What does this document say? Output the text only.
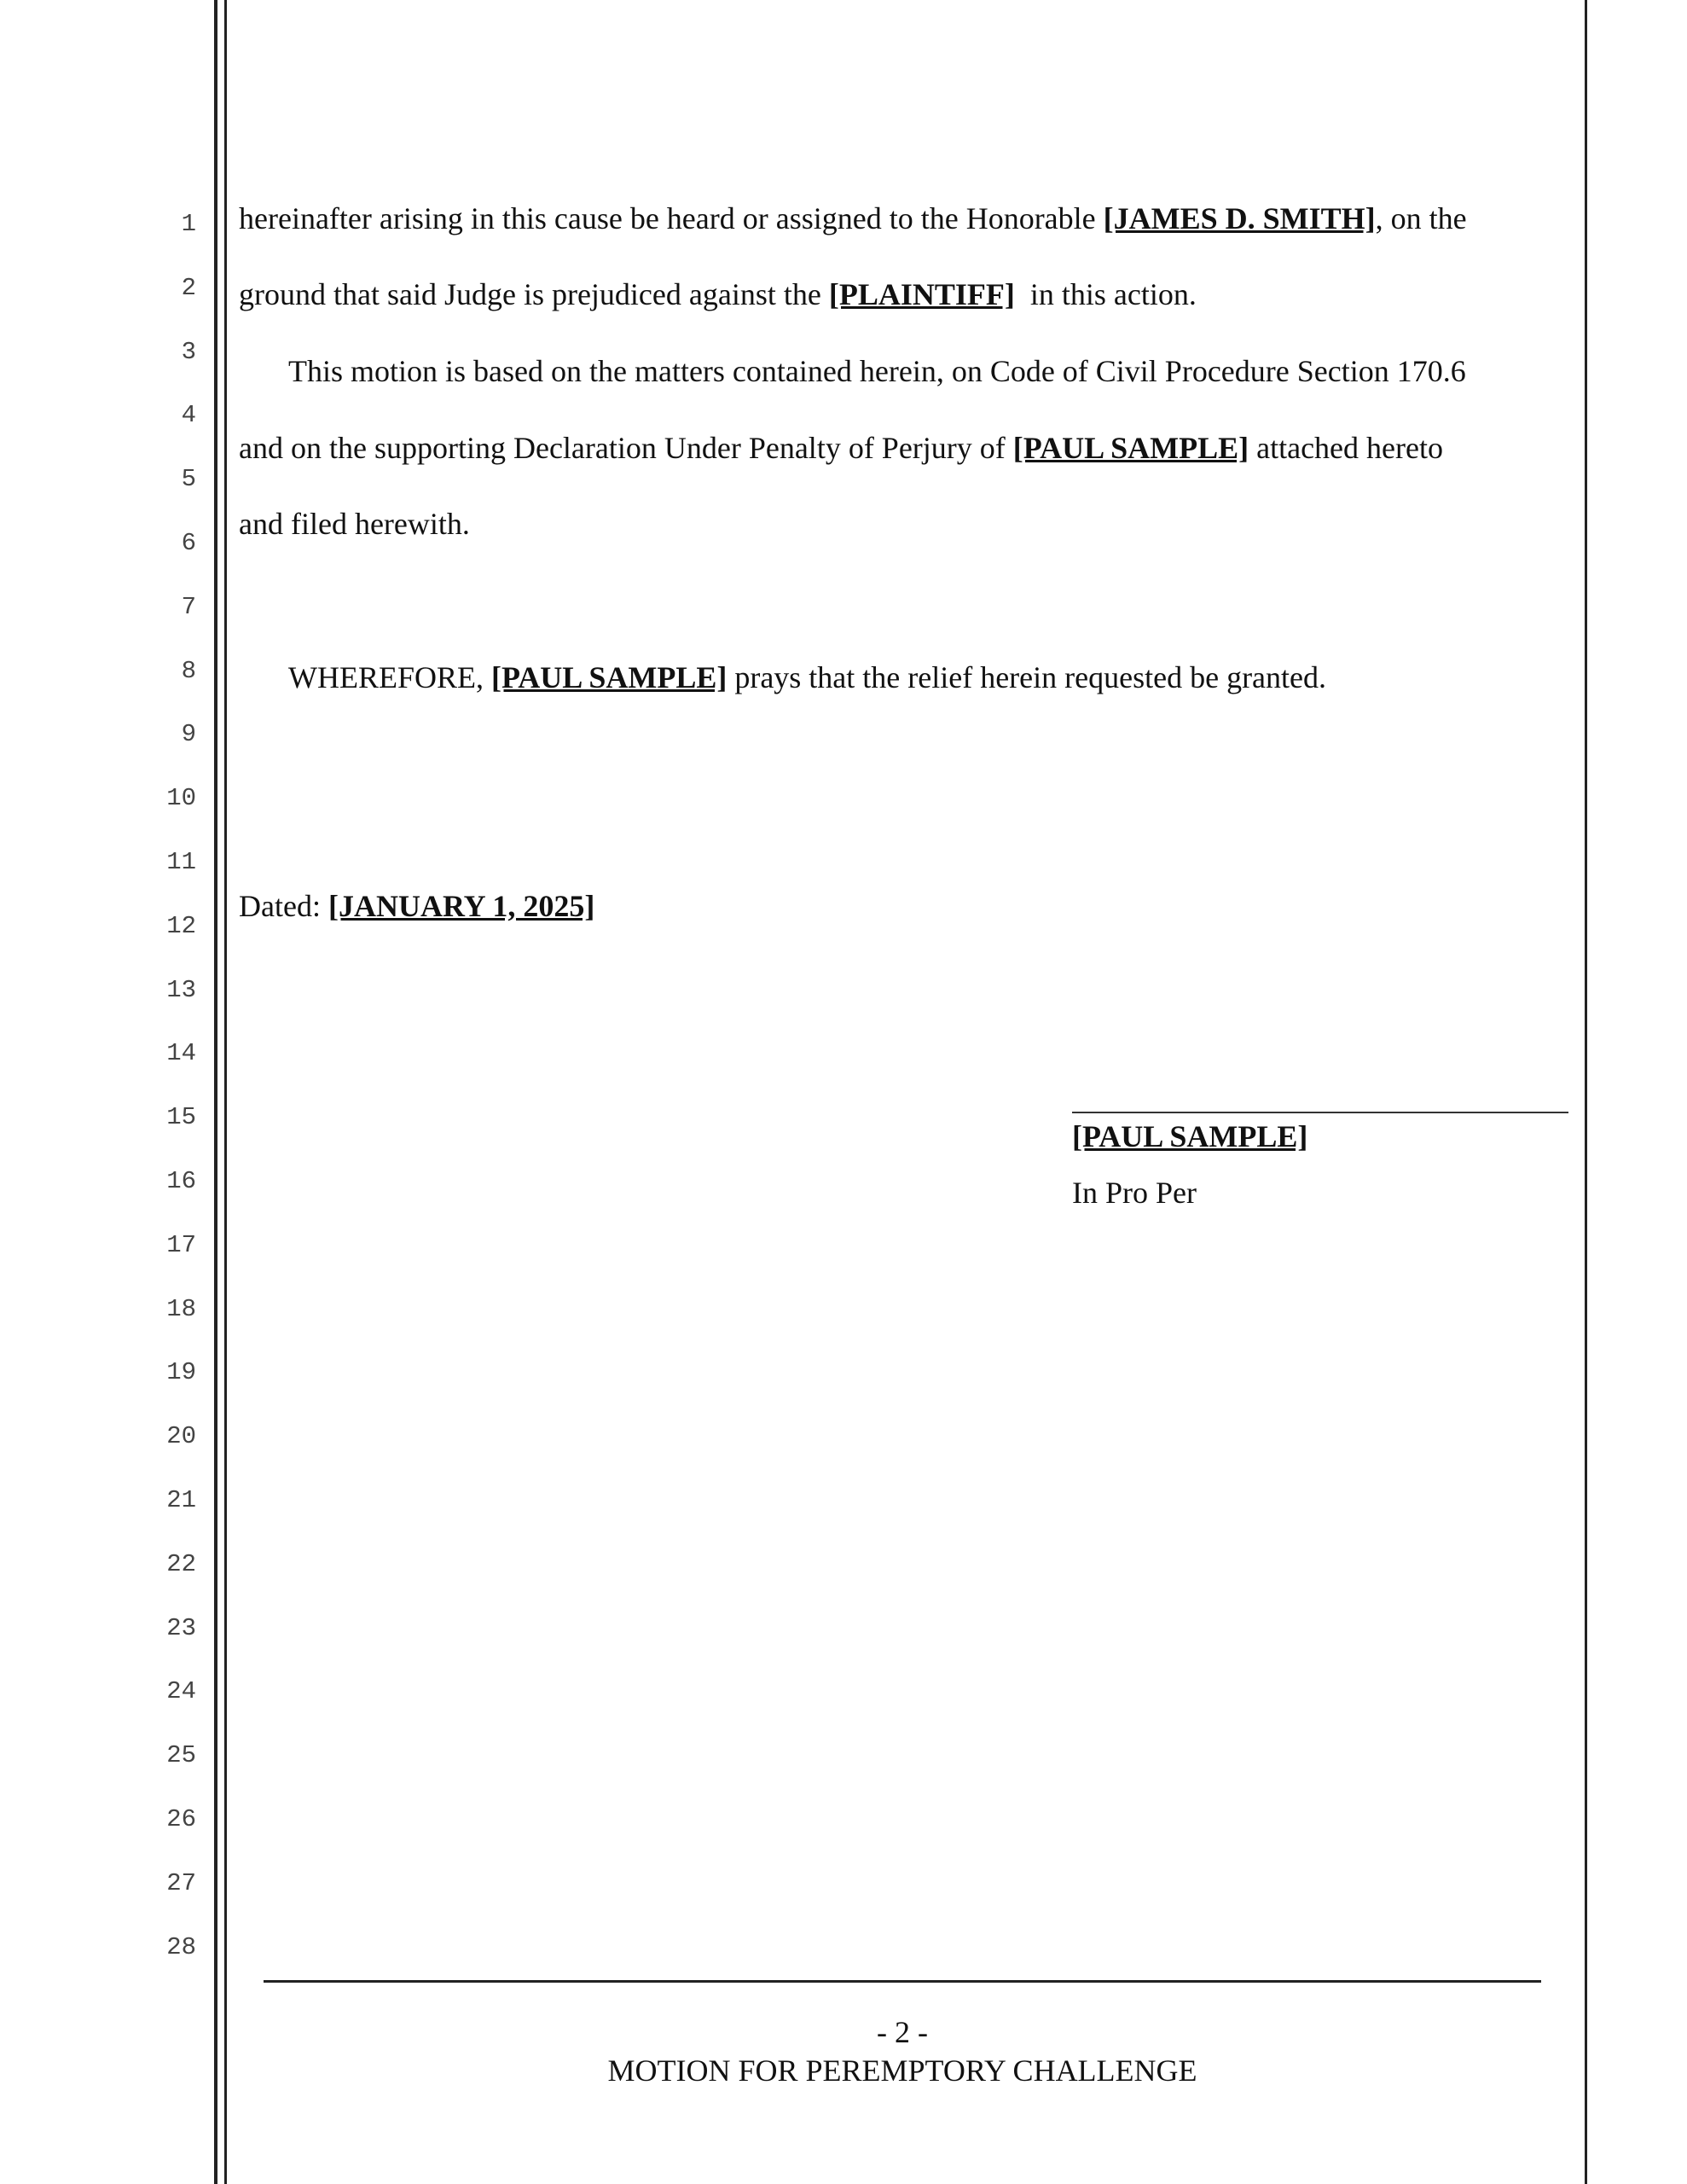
1
2
3
4
5
6
7
8
9
10
11
12
13
14
15
16
17
18
19
20
21
22
23
24
25
26
27
28
hereinafter arising in this cause be heard or assigned to the Honorable [JAMES D. SMITH], on the
ground that said Judge is prejudiced against the [PLAINTIFF]  in this action.
This motion is based on the matters contained herein, on Code of Civil Procedure Section 170.6
and on the supporting Declaration Under Penalty of Perjury of [PAUL SAMPLE] attached hereto
and filed herewith.
WHEREFORE, [PAUL SAMPLE] prays that the relief herein requested be granted.
Dated: [JANUARY 1, 2025]
[PAUL SAMPLE]
In Pro Per
- 2 -
MOTION FOR PEREMPTORY CHALLENGE
